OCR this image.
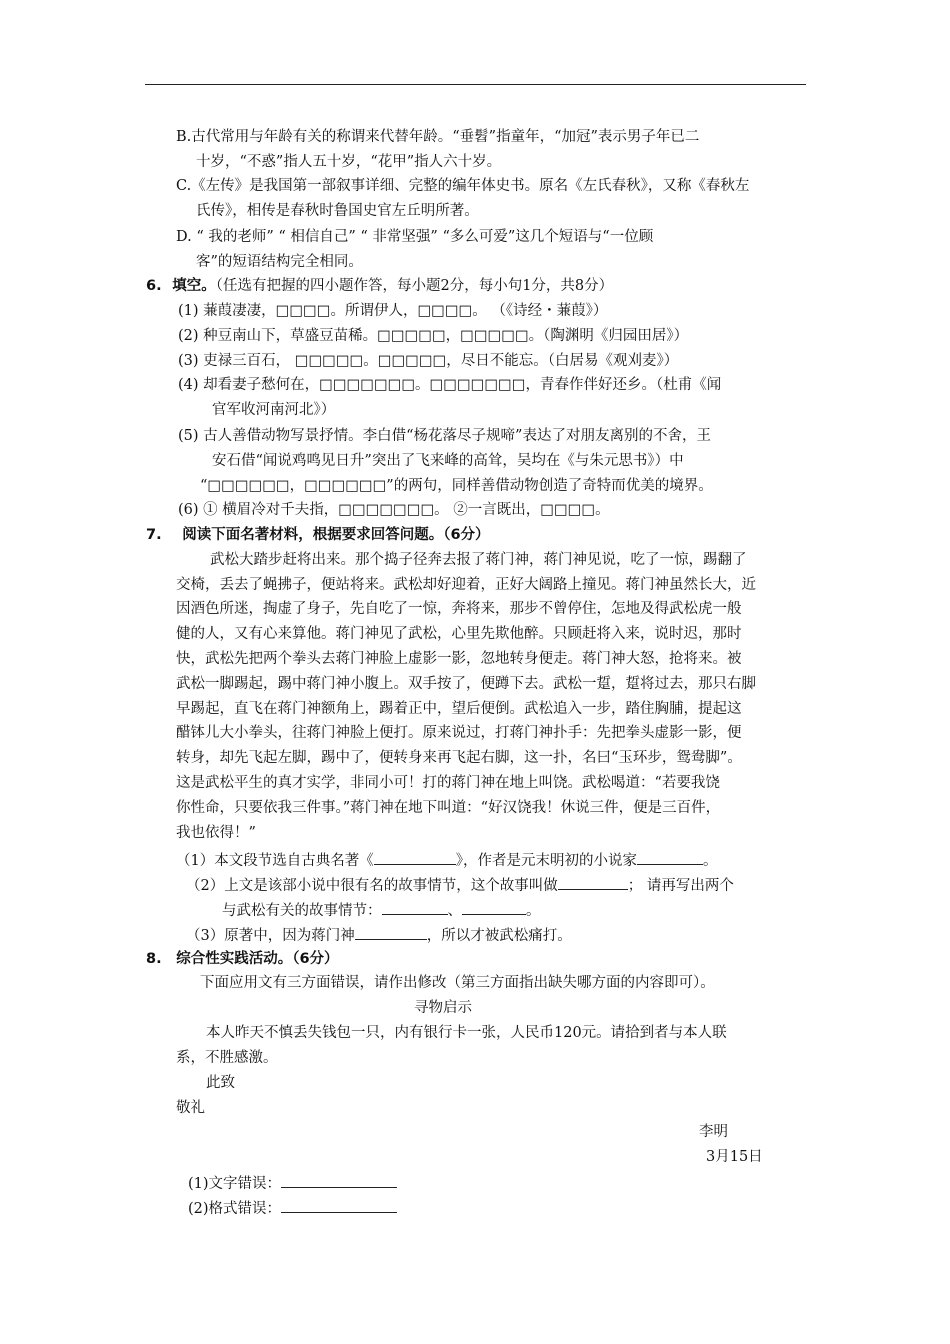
B.古代常用与年龄有关的称谓来代替年龄。“垂髫”指童年，“加冠”表示男子年已二
十岁，“不惑”指人五十岁，“花甲”指人六十岁。
C.《左传》是我国第一部叙事详细、完整的编年体史书。原名《左氏春秋》，又称《春秋左
氏传》，相传是春秋时鲁国史官左丘明所著。
D. “ 我的老师” “ 相信自己” “ 非常坚强” “多么可爱”这几个短语与“一位顾
客”的短语结构完全相同。
6. 填空。（任选有把握的四小题作答，每小题2分，每小句1分，共8分）
(1) 蒹葭凄凄，□□□□。所谓伊人，□□□□。 （《诗经・蒹葭》）
(2) 种豆南山下，草盛豆苗稀。□□□□□，□□□□□。（陶渊明《归园田居》）
(3) 吏禄三百石， □□□□□。□□□□□，尽日不能忘。（白居易《观刈麦》）
(4) 却看妻子愁何在，□□□□□□□。□□□□□□□，青春作伴好还乡。（杜甫《闻
官军收河南河北》）
(5) 古人善借动物写景抒情。李白借“杨花落尽子规啼”表达了对朋友离别的不舍，王
安石借“闻说鸡鸣见日升”突出了飞来峰的高耸，吴均在《与朱元思书》）中
“□□□□□□，□□□□□□”的两句，同样善借动物创造了奇特而优美的境界。
(6) ① 横眉冷对千夫指，□□□□□□□。 ②一言既出，□□□□。
7. 阅读下面名著材料，根据要求回答问题。（6分）
武松大踏步赶将出来。那个捣子径奔去报了蒋门神，蒋门神见说，吃了一惊，踢翻了
交椅，丢去了蝇拂子，便站将来。武松却好迎着，正好大阔路上撞见。蒋门神虽然长大，近
因酒色所迷，掏虚了身子，先自吃了一惊，奔将来，那步不曾停住，怎地及得武松虎一般
健的人，又有心来算他。蒋门神见了武松，心里先欺他醉。只顾赶将入来，说时迟，那时
快，武松先把两个拳头去蒋门神脸上虚影一影，忽地转身便走。蒋门神大怒，抢将来。被
武松一脚踢起，踢中蒋门神小腹上。双手按了，便蹲下去。武松一踅，踅将过去，那只右脚
早踢起，直飞在蒋门神额角上，踢着正中，望后便倒。武松追入一步，踏住胸脯，提起这
醋钵儿大小拳头，往蒋门神脸上便打。原来说过，打蒋门神扑手：先把拳头虚影一影，便
转身，却先飞起左脚，踢中了，便转身来再飞起右脚，这一扑，名曰“玉环步，鸳鸯脚”。
这是武松平生的真才实学，非同小可！打的蒋门神在地上叫饶。武松喝道：“若要我饶
你性命，只要依我三件事。”蒋门神在地下叫道：“好汉饶我！休说三件，便是三百件，
我也依得！”
（1）本文段节选自古典名著《	》，作者是元末明初的小说家	。
（2）上文是该部小说中很有名的故事情节，这个故事叫做	； 请再写出两个
与武松有关的故事情节：	、	。
（3）原著中，因为蒋门神	，所以才被武松痛打。
8. 综合性实践活动。（6分）
下面应用文有三方面错误，请作出修改（第三方面指出缺失哪方面的内容即可）。
寻物启示
本人昨天不慎丢失钱包一只，内有银行卡一张，人民币120元。请拾到者与本人联
系，不胜感激。
此致
敬礼
李明
3月15日
(1)文字错误：
(2)格式错误：
